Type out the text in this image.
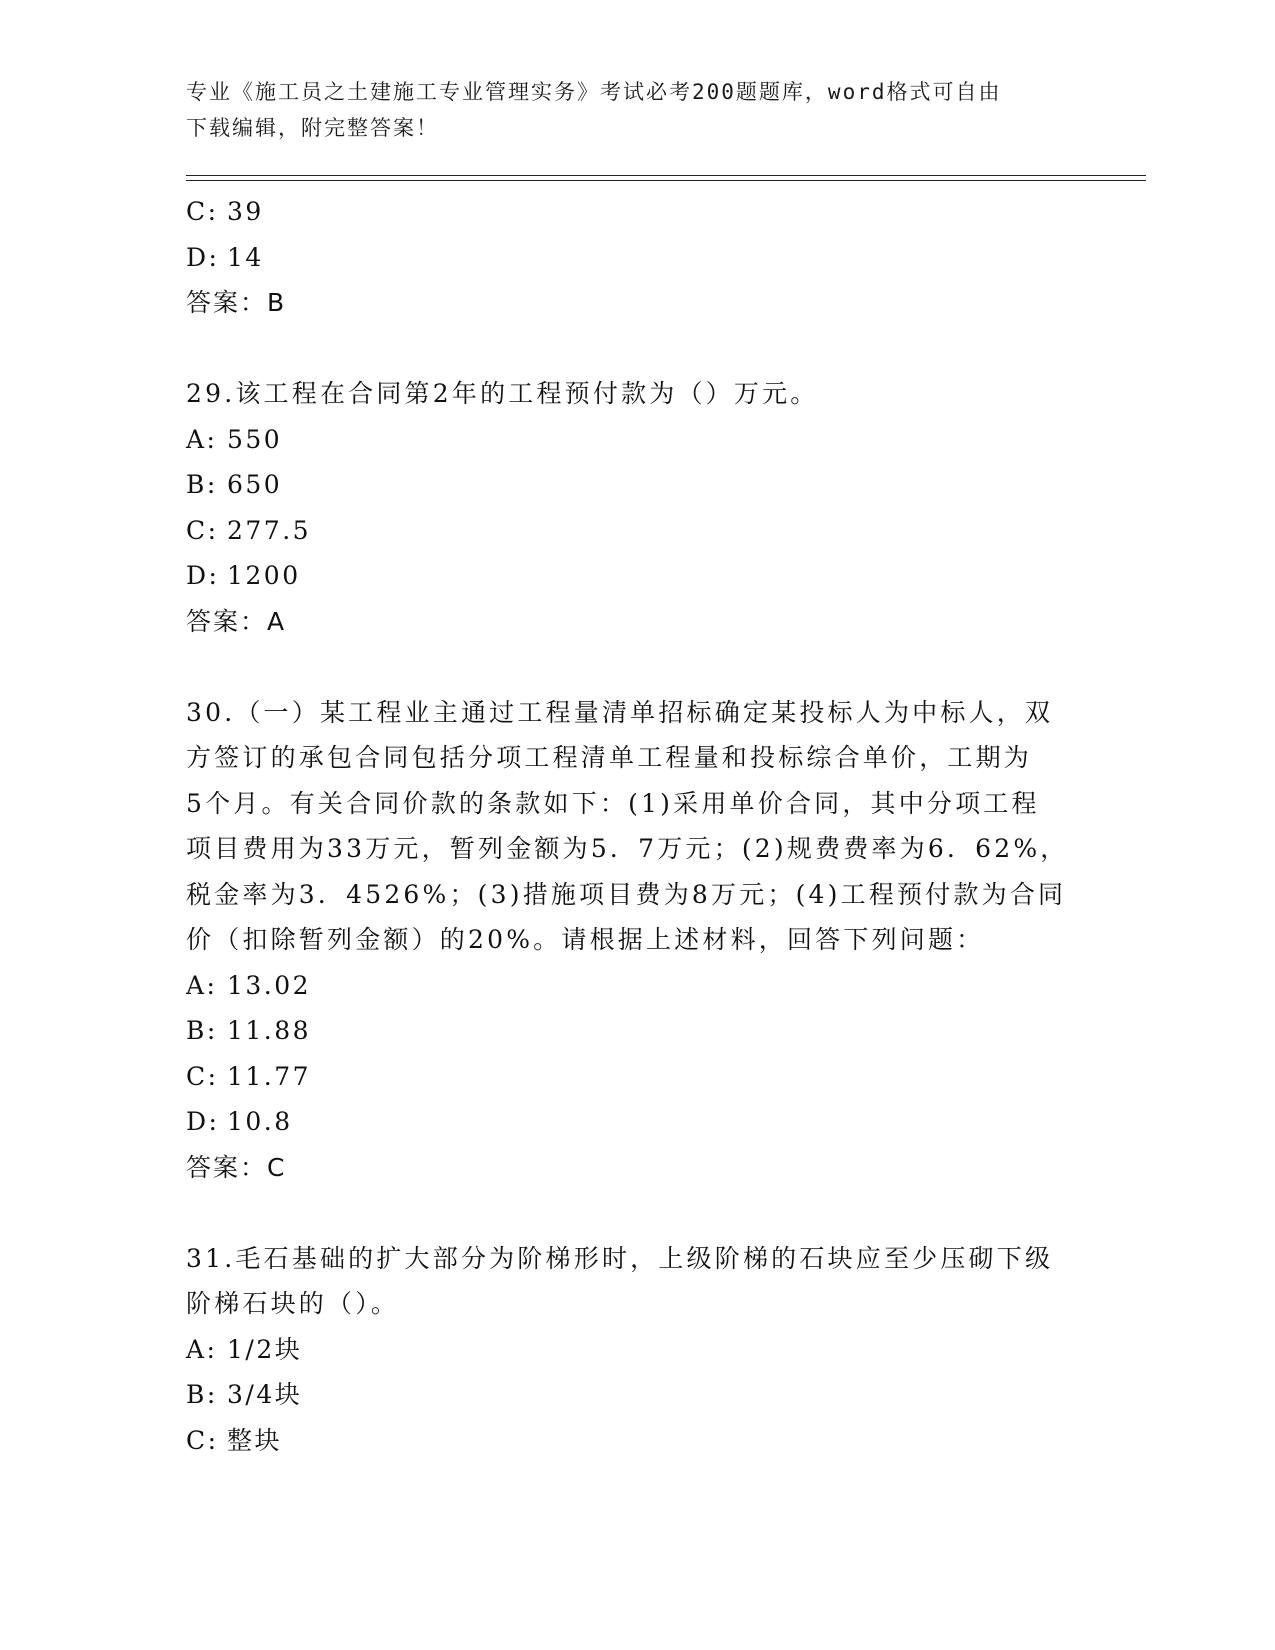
专业《施工员之土建施工专业管理实务》考试必考200题题库，word格式可自由
下载编辑，附完整答案！
C: 39
D: 14
答案：B
29.该工程在合同第2年的工程预付款为（）万元。
A: 550
B: 650
C: 277.5
D: 1200
答案：A
30.（一）某工程业主通过工程量清单招标确定某投标人为中标人，双
方签订的承包合同包括分项工程清单工程量和投标综合单价，工期为
5个月。有关合同价款的条款如下：(1)采用单价合同，其中分项工程
项目费用为33万元，暂列金额为5．7万元；(2)规费费率为6．62%，
税金率为3．4526%；(3)措施项目费为8万元；(4)工程预付款为合同
价（扣除暂列金额）的20%。请根据上述材料，回答下列问题：
A: 13.02
B: 11.88
C: 11.77
D: 10.8
答案：C
31.毛石基础的扩大部分为阶梯形时，上级阶梯的石块应至少压砌下级
阶梯石块的（）。
A: 1/2块
B: 3/4块
C: 整块
